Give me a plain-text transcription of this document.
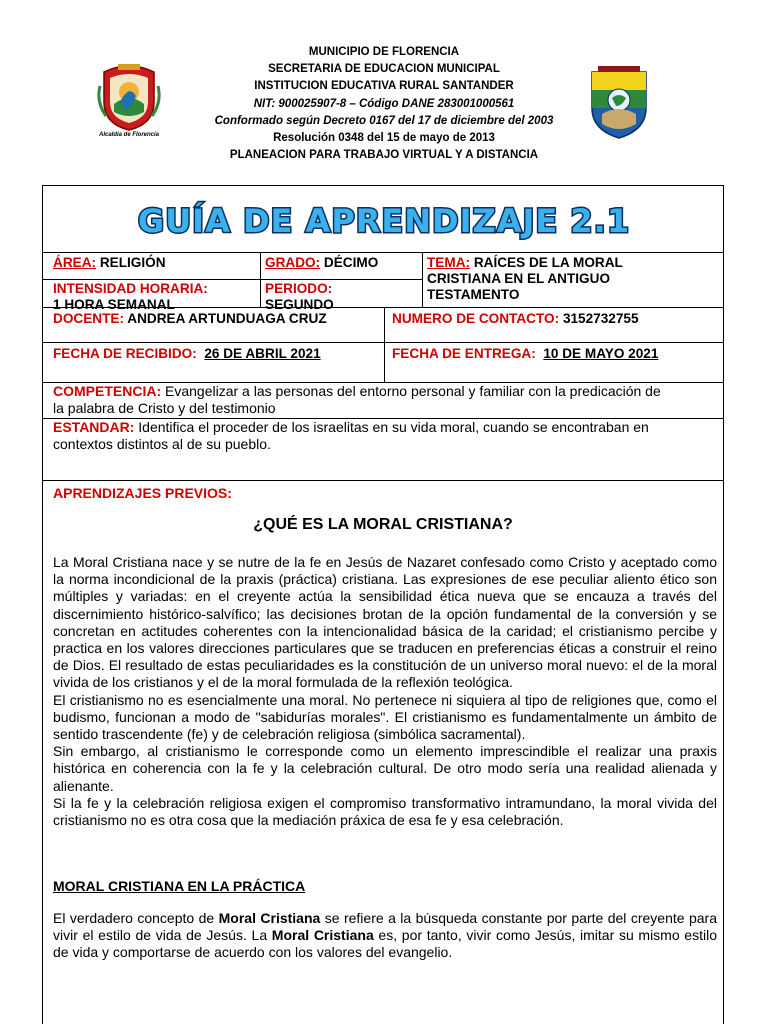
MUNICIPIO DE FLORENCIA
SECRETARIA DE EDUCACION MUNICIPAL
INSTITUCION EDUCATIVA RURAL SANTANDER
NIT: 900025907-8 – Código DANE 283001000561
Conformado según Decreto 0167 del 17 de diciembre del 2003
Resolución 0348 del 15 de mayo de 2013
PLANEACION PARA TRABAJO VIRTUAL Y A DISTANCIA
Alcaldía de Florencia
GUÍA DE APRENDIZAJE 2.1
ÁREA: RELIGIÓN	GRADO: DÉCIMO	TEMA: RAÍCES DE LA MORAL
CRISTIANA EN EL ANTIGUO
TESTAMENTO
INTENSIDAD HORARIA:
1 HORA SEMANAL
PERIODO:
SEGUNDO
DOCENTE: ANDREA ARTUNDUAGA CRUZ	NUMERO DE CONTACTO: 3152732755
FECHA DE RECIBIDO: 26 DE ABRIL 2021	FECHA DE ENTREGA: 10 DE MAYO 2021
COMPETENCIA: Evangelizar a las personas del entorno personal y familiar con la predicación de
la palabra de Cristo y del testimonio
ESTANDAR: Identifica el proceder de los israelitas en su vida moral, cuando se encontraban en
contextos distintos al de su pueblo.
APRENDIZAJES PREVIOS:
¿QUÉ ES LA MORAL CRISTIANA?

La Moral Cristiana nace y se nutre de la fe en Jesús de Nazaret confesado como Cristo y aceptado como la norma incondicional de la praxis (práctica) cristiana. Las expresiones de ese peculiar aliento ético son múltiples y variadas: en el creyente actúa la sensibilidad ética nueva que se encauza a través del discernimiento histórico-salvífico; las decisiones brotan de la opción fundamental de la conversión y se concretan en actitudes coherentes con la intencionalidad básica de la caridad; el cristianismo percibe y practica en los valores direcciones particulares que se traducen en preferencias éticas a construir el reino de Dios. El resultado de estas peculiaridades es la constitución de un universo moral nuevo: el de la moral vivida de los cristianos y el de la moral formulada de la reflexión teológica.

El cristianismo no es esencialmente una moral. No pertenece ni siquiera al tipo de religiones que, como el budismo, funcionan a modo de "sabidurías morales". El cristianismo es fundamentalmente un ámbito de sentido trascendente (fe) y de celebración religiosa (simbólica sacramental).

Sin embargo, al cristianismo le corresponde como un elemento imprescindible el realizar una praxis histórica en coherencia con la fe y la celebración cultural. De otro modo sería una realidad alienada y alienante.

Si la fe y la celebración religiosa exigen el compromiso transformativo intramundano, la moral vivida del cristianismo no es otra cosa que la mediación práxica de esa fe y esa celebración.

MORAL CRISTIANA EN LA PRÁCTICA

El verdadero concepto de Moral Cristiana se refiere a la búsqueda constante por parte del creyente para vivir el estilo de vida de Jesús. La Moral Cristiana es, por tanto, vivir como Jesús, imitar su mismo estilo de vida y comportarse de acuerdo con los valores del evangelio.
